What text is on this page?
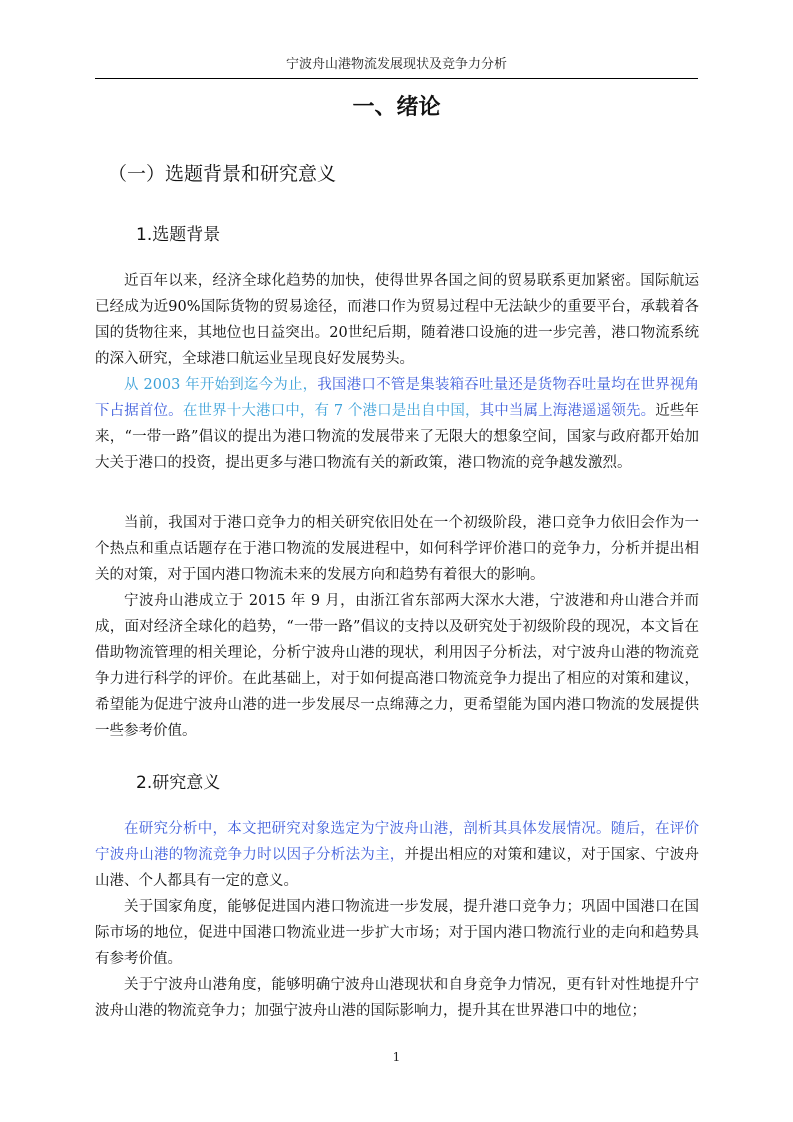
宁波舟山港物流发展现状及竞争力分析
一、绪论
（一）选题背景和研究意义
1.选题背景

近百年以来，经济全球化趋势的加快，使得世界各国之间的贸易联系更加紧密。国际航运已经成为近90%国际货物的贸易途径，而港口作为贸易过程中无法缺少的重要平台，承载着各国的货物往来，其地位也日益突出。20世纪后期，随着港口设施的进一步完善，港口物流系统的深入研究，全球港口航运业呈现良好发展势头。

从 2003 年开始到迄今为止，我国港口不管是集装箱吞吐量还是货物吞吐量均在世界视角下占据首位。在世界十大港口中，有 7 个港口是出自中国，其中当属上海港遥遥领先。近些年来，“一带一路”倡议的提出为港口物流的发展带来了无限大的想象空间，国家与政府都开始加大关于港口的投资，提出更多与港口物流有关的新政策，港口物流的竞争越发激烈。

当前，我国对于港口竞争力的相关研究依旧处在一个初级阶段，港口竞争力依旧会作为一个热点和重点话题存在于港口物流的发展进程中，如何科学评价港口的竞争力，分析并提出相关的对策，对于国内港口物流未来的发展方向和趋势有着很大的影响。

宁波舟山港成立于 2015 年 9 月，由浙江省东部两大深水大港，宁波港和舟山港合并而成，面对经济全球化的趋势，“一带一路”倡议的支持以及研究处于初级阶段的现况，本文旨在借助物流管理的相关理论，分析宁波舟山港的现状，利用因子分析法，对宁波舟山港的物流竞争力进行科学的评价。在此基础上，对于如何提高港口物流竞争力提出了相应的对策和建议，希望能为促进宁波舟山港的进一步发展尽一点绵薄之力，更希望能为国内港口物流的发展提供一些参考价值。

2.研究意义

在研究分析中，本文把研究对象选定为宁波舟山港，剖析其具体发展情况。随后，在评价宁波舟山港的物流竞争力时以因子分析法为主，并提出相应的对策和建议，对于国家、宁波舟山港、个人都具有一定的意义。

关于国家角度，能够促进国内港口物流进一步发展，提升港口竞争力；巩固中国港口在国际市场的地位，促进中国港口物流业进一步扩大市场；对于国内港口物流行业的走向和趋势具有参考价值。

关于宁波舟山港角度，能够明确宁波舟山港现状和自身竞争力情况，更有针对性地提升宁波舟山港的物流竞争力；加强宁波舟山港的国际影响力，提升其在世界港口中的地位；

1
